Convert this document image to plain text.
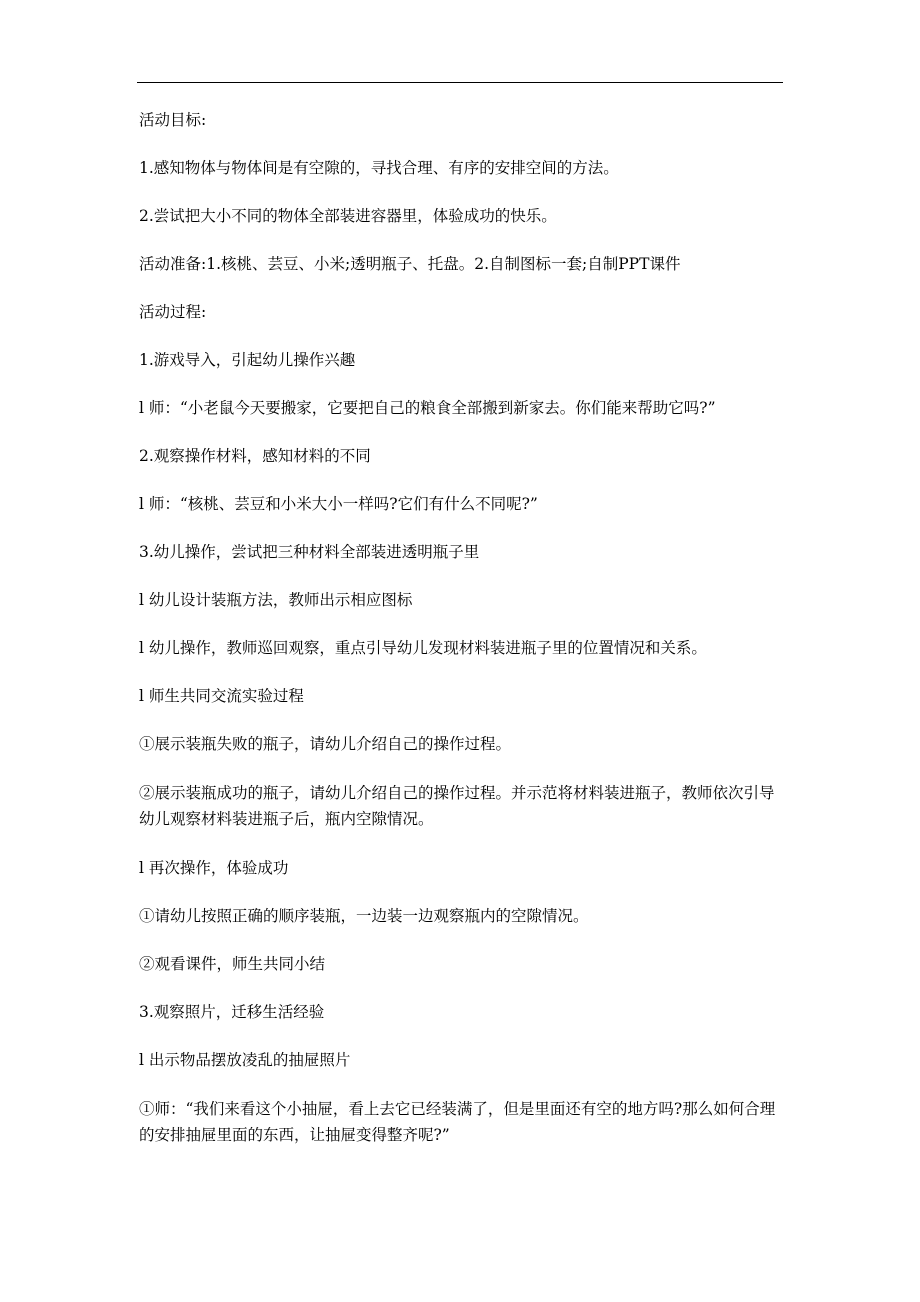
活动目标:

1.感知物体与物体间是有空隙的，寻找合理、有序的安排空间的方法。

2.尝试把大小不同的物体全部装进容器里，体验成功的快乐。

活动准备:1.核桃、芸豆、小米;透明瓶子、托盘。2.自制图标一套;自制PPT课件

活动过程:

1.游戏导入，引起幼儿操作兴趣

l 师：“小老鼠今天要搬家，它要把自己的粮食全部搬到新家去。你们能来帮助它吗?”

2.观察操作材料，感知材料的不同

l 师：“核桃、芸豆和小米大小一样吗?它们有什么不同呢?”

3.幼儿操作，尝试把三种材料全部装进透明瓶子里

l 幼儿设计装瓶方法，教师出示相应图标

l 幼儿操作，教师巡回观察，重点引导幼儿发现材料装进瓶子里的位置情况和关系。

l 师生共同交流实验过程

①展示装瓶失败的瓶子，请幼儿介绍自己的操作过程。

②展示装瓶成功的瓶子，请幼儿介绍自己的操作过程。并示范将材料装进瓶子，教师依次引导幼儿观察材料装进瓶子后，瓶内空隙情况。

l 再次操作，体验成功

①请幼儿按照正确的顺序装瓶，一边装一边观察瓶内的空隙情况。

②观看课件，师生共同小结

3.观察照片，迁移生活经验

l 出示物品摆放凌乱的抽屉照片

①师：“我们来看这个小抽屉，看上去它已经装满了，但是里面还有空的地方吗?那么如何合理的安排抽屉里面的东西，让抽屉变得整齐呢?”
